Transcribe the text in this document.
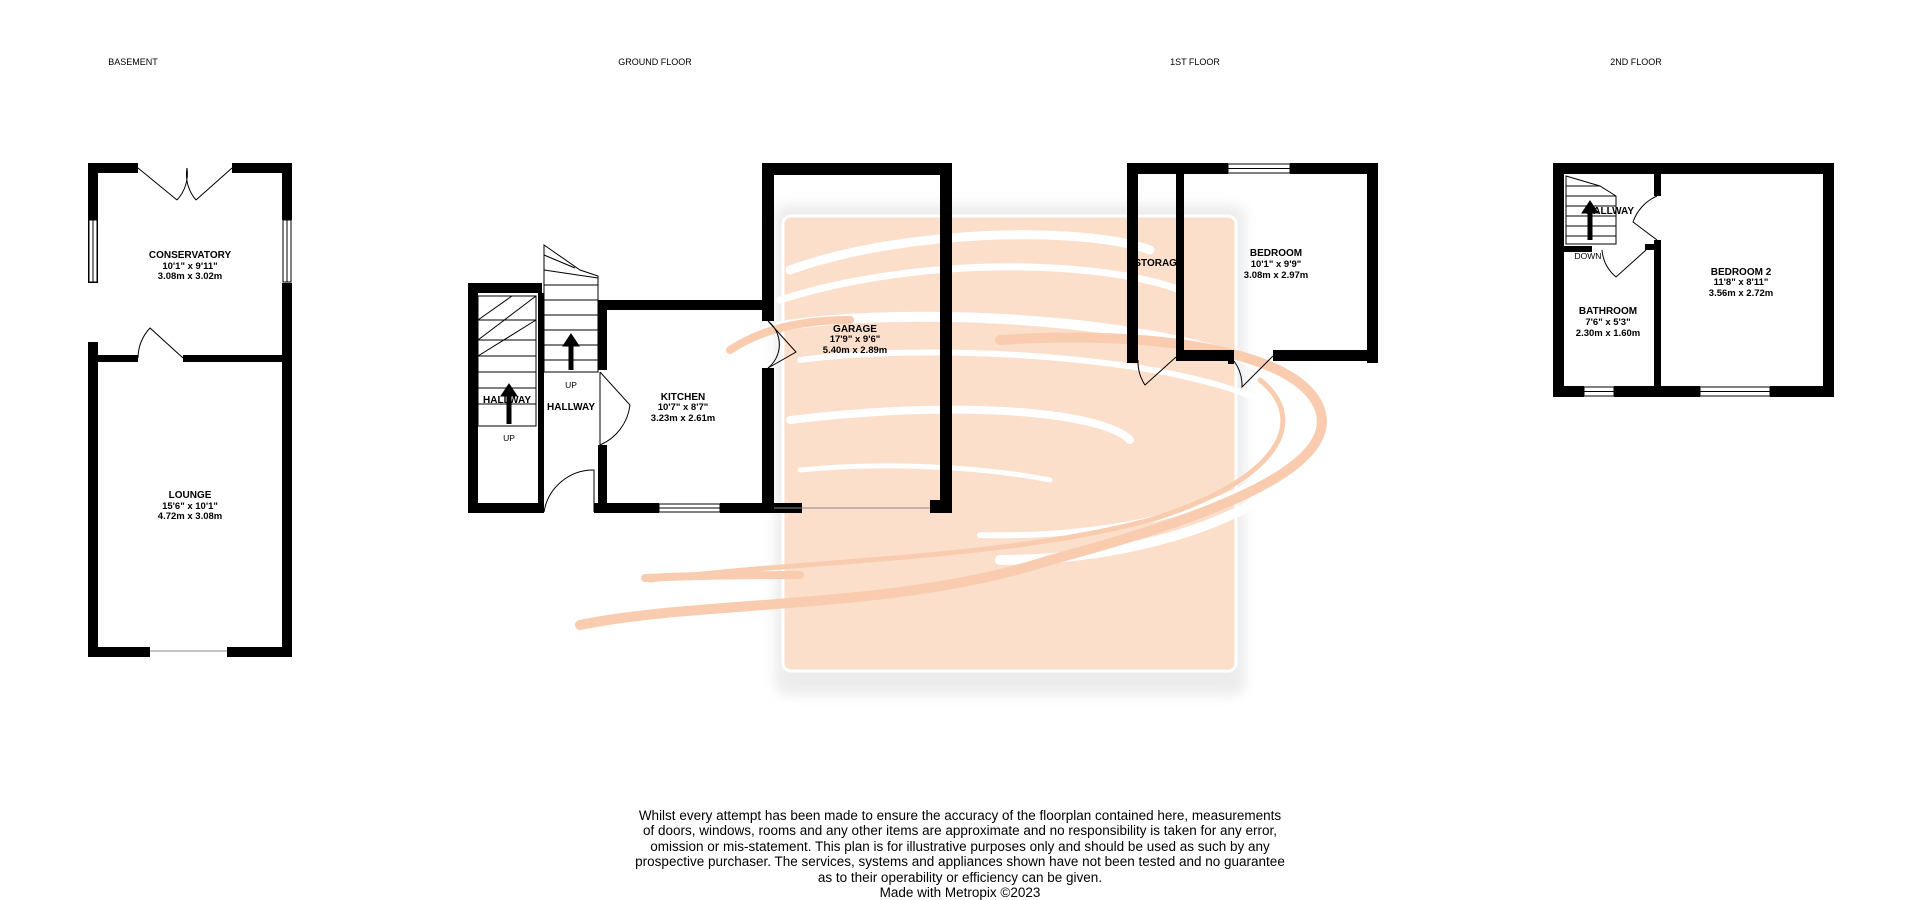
BASEMENT	GROUND FLOOR	1ST FLOOR	2ND FLOOR
CONSERVATORY
10'1" x 9'11"
3.08m x 3.02m
LOUNGE
15'6" x 10'1"
4.72m x 3.08m
HALLWAY
UP
HALLWAY
UP
KITCHEN
10'7" x 8'7"
3.23m x 2.61m
GARAGE
17'9" x 9'6"
5.40m x 2.89m
STORAGE
BEDROOM
10'1" x 9'9"
3.08m x 2.97m
HALLWAY
DOWN
BATHROOM
7'6" x 5'3"
2.30m x 1.60m
BEDROOM 2
11'8" x 8'11"
3.56m x 2.72m
Whilst every attempt has been made to ensure the accuracy of the floorplan contained here, measurements
of doors, windows, rooms and any other items are approximate and no responsibility is taken for any error,
omission or mis-statement. This plan is for illustrative purposes only and should be used as such by any
prospective purchaser. The services, systems and appliances shown have not been tested and no guarantee
as to their operability or efficiency can be given.
Made with Metropix ©2023
